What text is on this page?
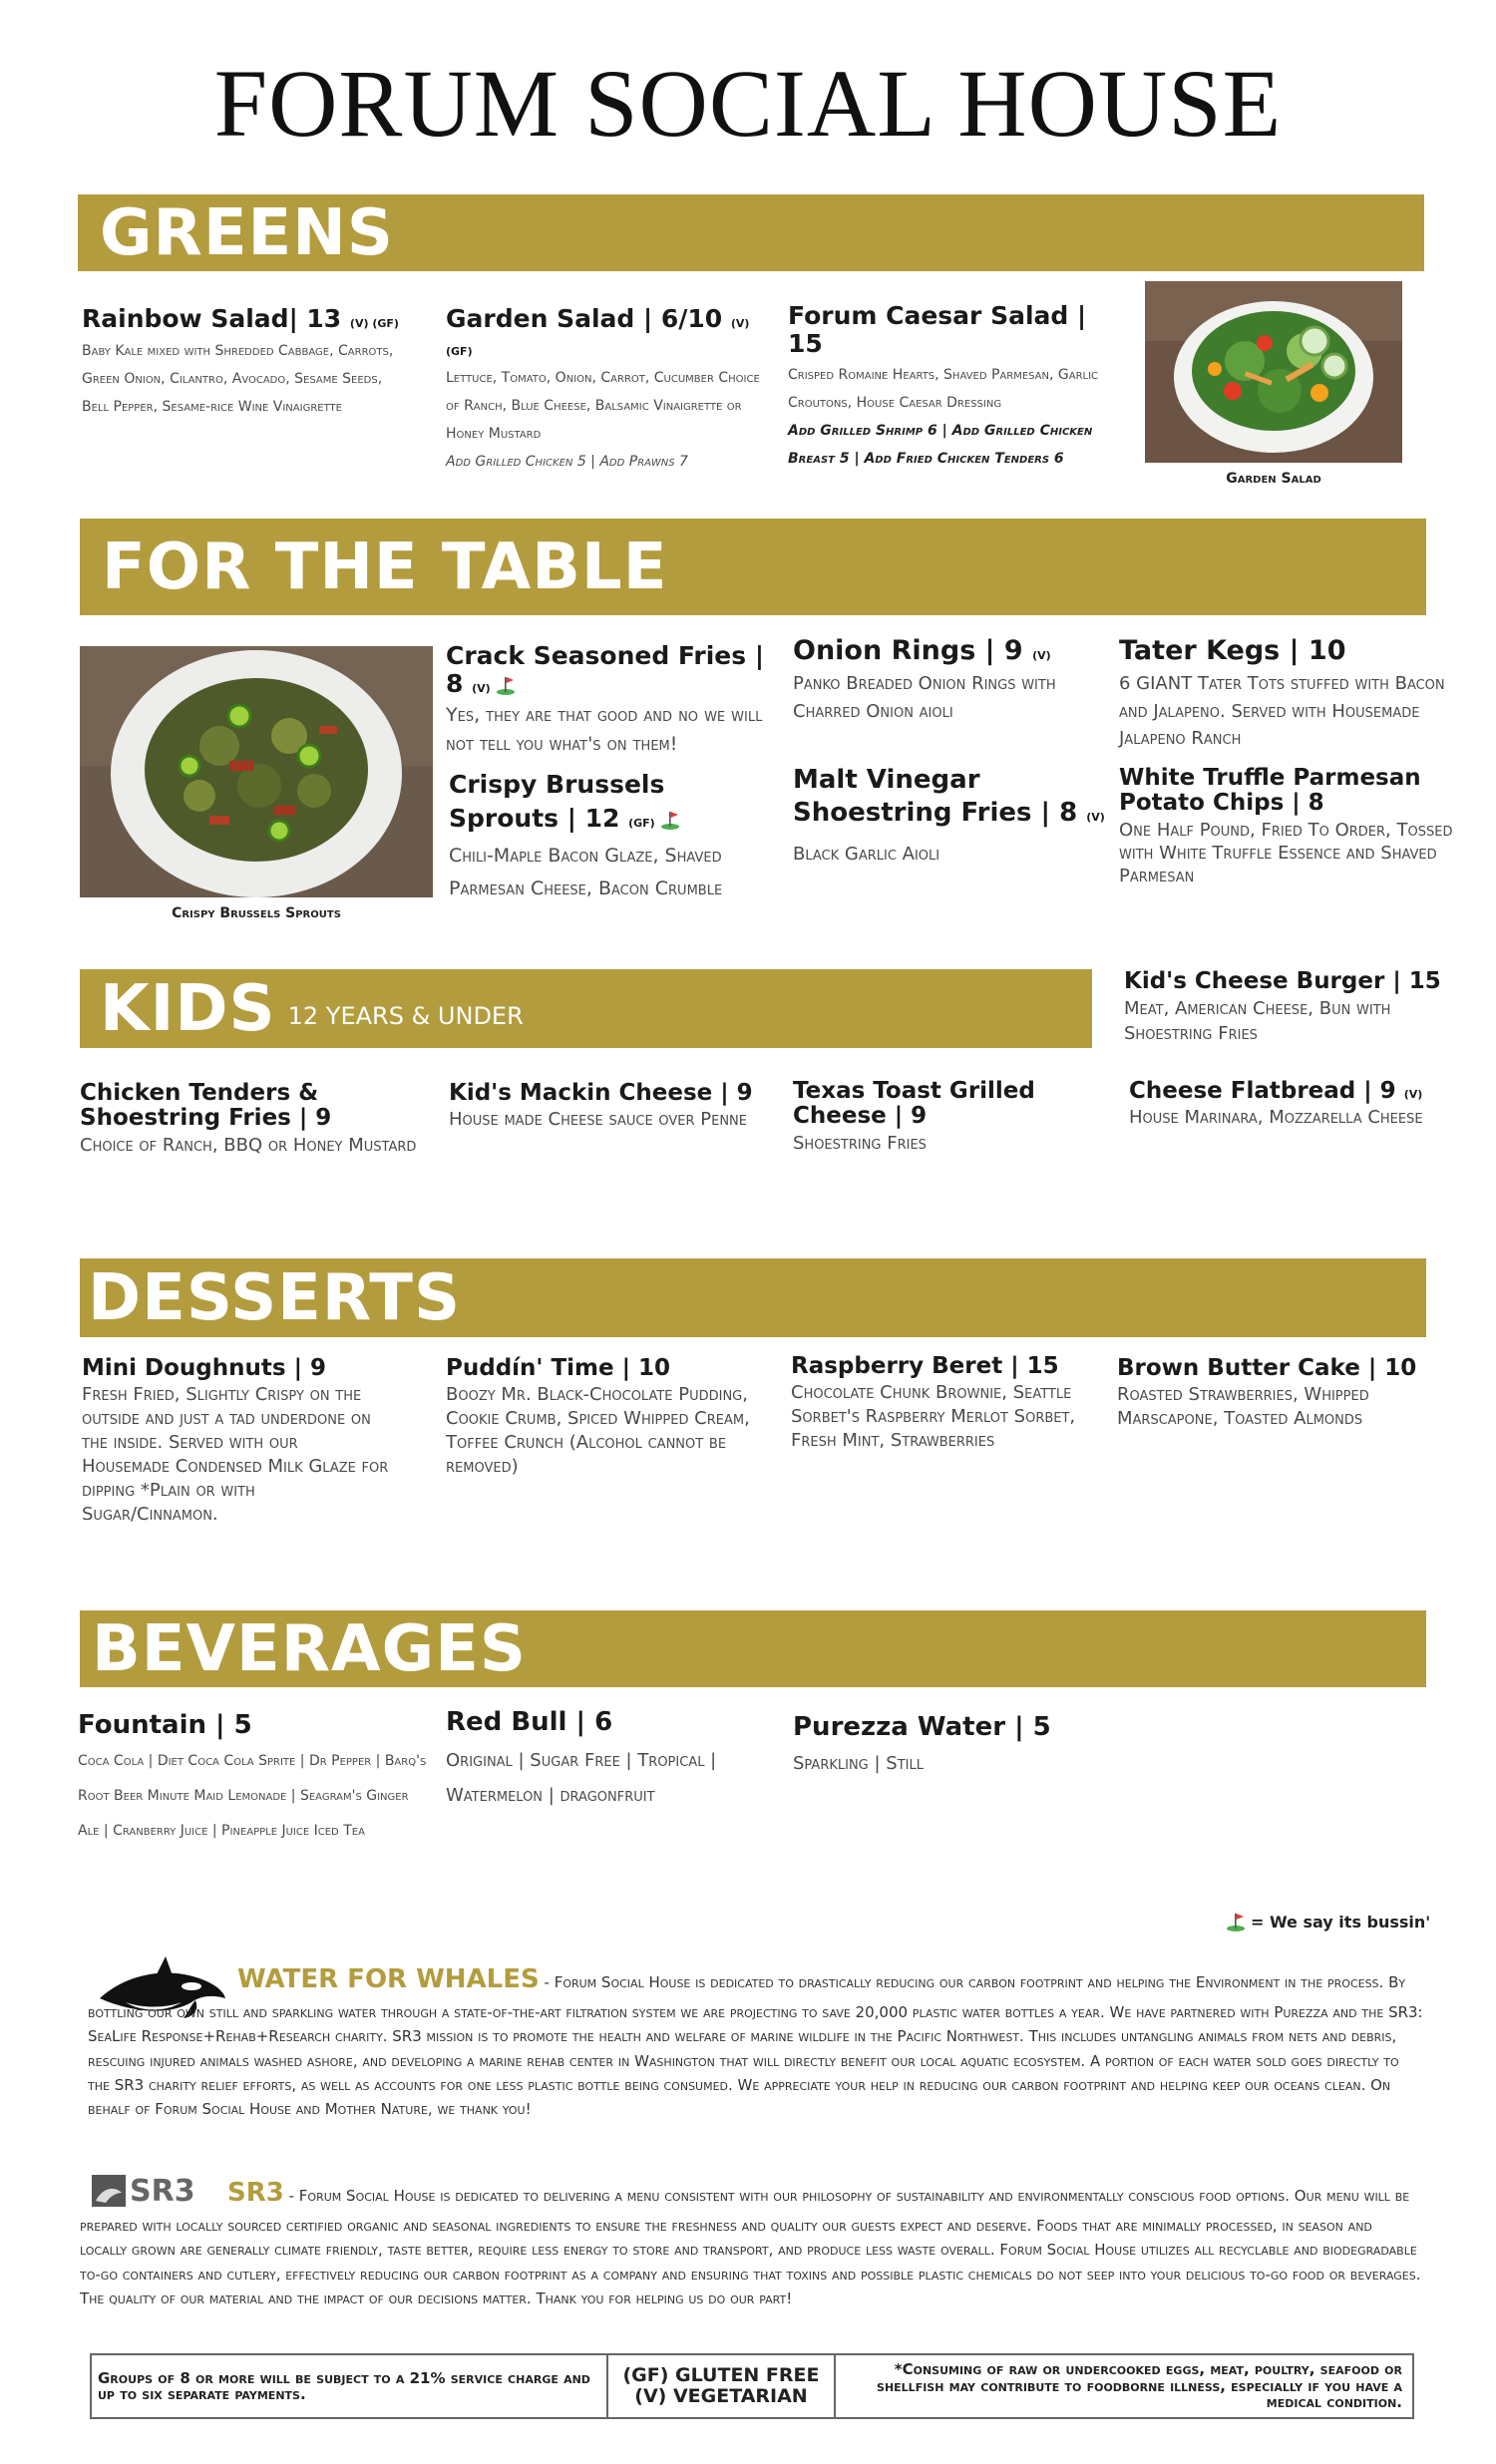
FORUM SOCIAL HOUSE
GREENS
Rainbow Salad| 13 (V) (GF)
Baby Kale mixed with Shredded Cabbage, Carrots, Green Onion, Cilantro, Avocado, Sesame Seeds, Bell Pepper, Sesame-rice Wine Vinaigrette
Garden Salad | 6/10 (V) (GF)
Lettuce, Tomato, Onion, Carrot, Cucumber Choice of Ranch, Blue Cheese, Balsamic Vinaigrette or Honey Mustard
Add Grilled Chicken 5 | Add Prawns 7
Forum Caesar Salad | 15
Crisped Romaine Hearts, Shaved Parmesan, Garlic Croutons, House Caesar Dressing
Add Grilled Shrimp 6 | Add Grilled Chicken Breast 5 | Add Fried Chicken Tenders 6
Garden Salad
FOR THE TABLE
Crispy Brussels Sprouts
Crack Seasoned Fries | 8 (V)
Yes, they are that good and no we will not tell you what's on them!
Crispy Brussels Sprouts | 12 (GF)
Chili-Maple Bacon Glaze, Shaved Parmesan Cheese, Bacon Crumble
Onion Rings | 9 (V)
Panko Breaded Onion Rings with Charred Onion aioli
Malt Vinegar Shoestring Fries | 8 (V)
Black Garlic Aioli
Tater Kegs | 10
6 GIANT Tater Tots stuffed with Bacon and Jalapeno. Served with Housemade Jalapeno Ranch
White Truffle Parmesan Potato Chips | 8
One Half Pound, Fried To Order, Tossed with White Truffle Essence and Shaved Parmesan
KIDS 12 YEARS & UNDER
Kid's Cheese Burger | 15
Meat, American Cheese, Bun with Shoestring Fries
Chicken Tenders & Shoestring Fries | 9
Choice of Ranch, BBQ or Honey Mustard
Kid's Mackin Cheese | 9
House made Cheese sauce over Penne
Texas Toast Grilled Cheese | 9
Shoestring Fries
Cheese Flatbread | 9 (V)
House Marinara, Mozzarella Cheese
DESSERTS
Mini Doughnuts | 9
Fresh Fried, Slightly Crispy on the outside and just a tad underdone on the inside. Served with our Housemade Condensed Milk Glaze for dipping *Plain or with Sugar/Cinnamon.
Puddín' Time | 10
Boozy Mr. Black-Chocolate Pudding, Cookie Crumb, Spiced Whipped Cream, Toffee Crunch (Alcohol cannot be removed)
Raspberry Beret | 15
Chocolate Chunk Brownie, Seattle Sorbet's Raspberry Merlot Sorbet, Fresh Mint, Strawberries
Brown Butter Cake | 10
Roasted Strawberries, Whipped Marscapone, Toasted Almonds
BEVERAGES
Fountain | 5
Coca Cola | Diet Coca Cola Sprite | Dr Pepper | Barq's Root Beer Minute Maid Lemonade | Seagram's Ginger Ale | Cranberry Juice | Pineapple Juice Iced Tea
Red Bull | 6
Original | Sugar Free | Tropical | Watermelon | dragonfruit
Purezza Water | 5
Sparkling | Still
= We say its bussin'
WATER FOR WHALES - Forum Social House is dedicated to drastically reducing our carbon footprint and helping the Environment in the process. By bottling our own still and sparkling water through a state-of-the-art filtration system we are projecting to save 20,000 plastic water bottles a year. We have partnered with Purezza and the SR3: SeaLife Response+Rehab+Research charity. SR3 mission is to promote the health and welfare of marine wildlife in the Pacific Northwest. This includes untangling animals from nets and debris, rescuing injured animals washed ashore, and developing a marine rehab center in Washington that will directly benefit our local aquatic ecosystem. A portion of each water sold goes directly to the SR3 charity relief efforts, as well as accounts for one less plastic bottle being consumed. We appreciate your help in reducing our carbon footprint and helping keep our oceans clean. On behalf of Forum Social House and Mother Nature, we thank you!
SR3	SR3 - Forum Social House is dedicated to delivering a menu consistent with our philosophy of sustainability and environmentally conscious food options. Our menu will be prepared with locally sourced certified organic and seasonal ingredients to ensure the freshness and quality our guests expect and deserve. Foods that are minimally processed, in season and locally grown are generally climate friendly, taste better, require less energy to store and transport, and produce less waste overall. Forum Social House utilizes all recyclable and biodegradable to-go containers and cutlery, effectively reducing our carbon footprint as a company and ensuring that toxins and possible plastic chemicals do not seep into your delicious to-go food or beverages. The quality of our material and the impact of our decisions matter. Thank you for helping us do our part!
Groups of 8 or more will be subject to a 21% service charge and up to six separate payments.
(GF) GLUTEN FREE
(V) VEGETARIAN
*Consuming of raw or undercooked eggs, meat, poultry, seafood or shellfish may contribute to foodborne illness, especially if you have a medical condition.
